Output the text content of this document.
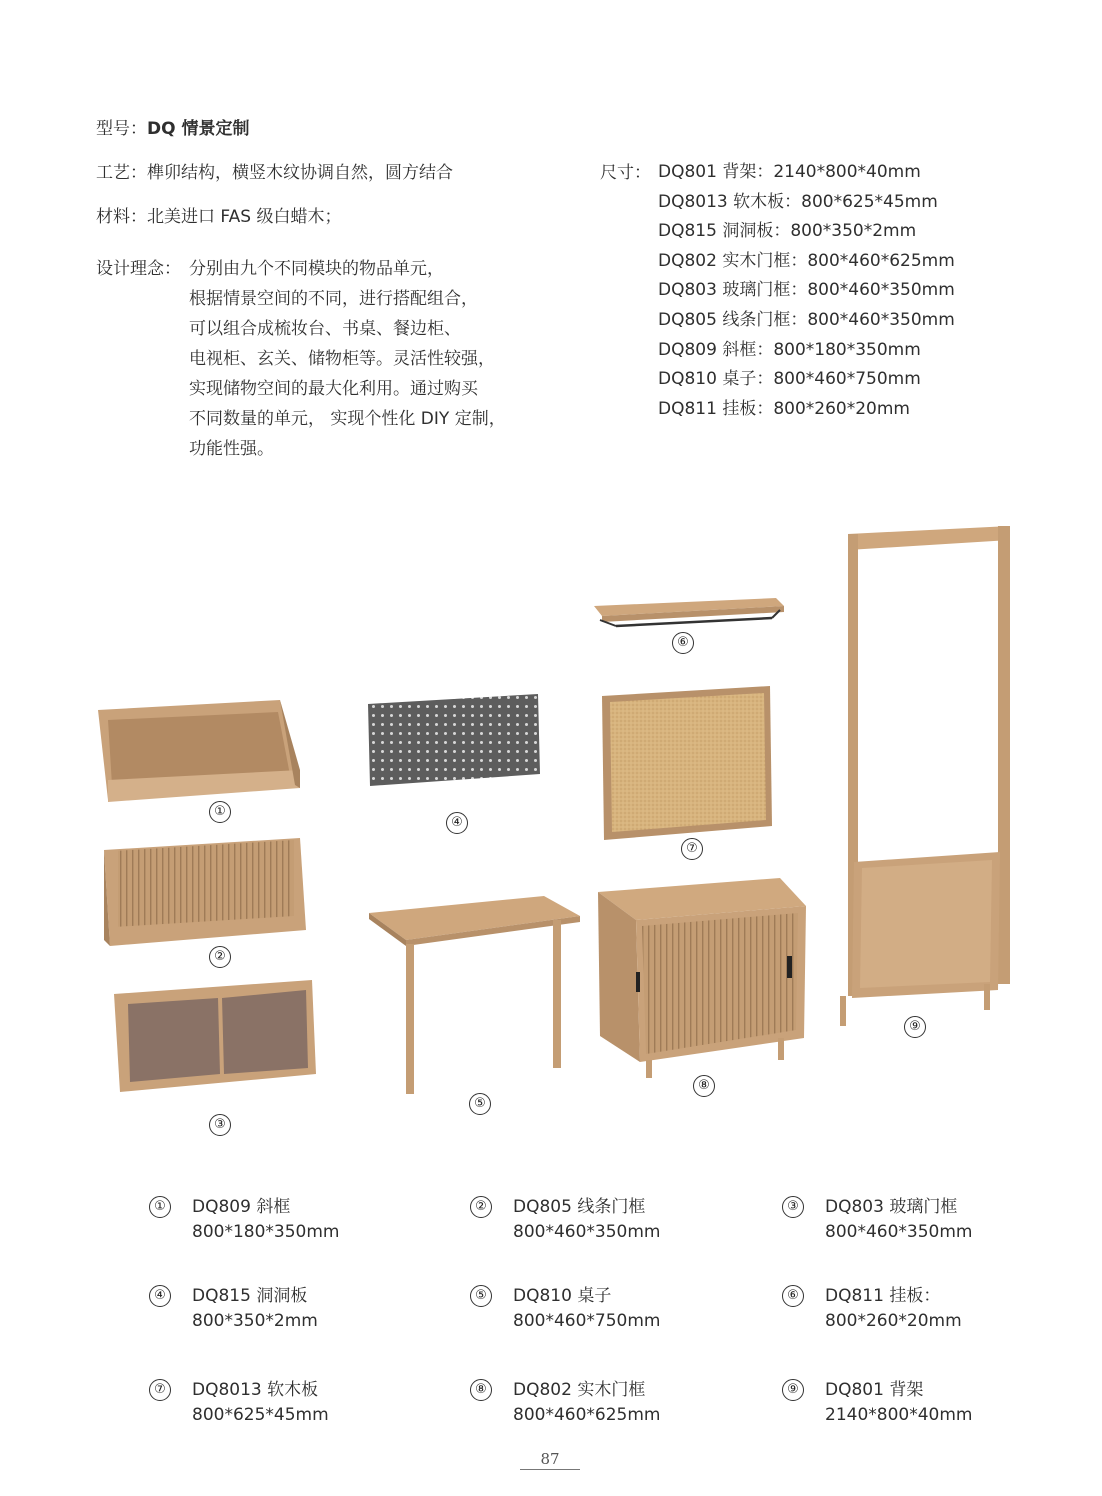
型号：DQ 情景定制
工艺：榫卯结构，横竖木纹协调自然，圆方结合
材料：北美进口 FAS 级白蜡木；
设计理念： 分别由九个不同模块的物品单元，
根据情景空间的不同，进行搭配组合，
可以组合成梳妆台、书桌、餐边柜、
电视柜、玄关、储物柜等。灵活性较强，
实现储物空间的最大化利用。通过购买
不同数量的单元， 实现个性化 DIY 定制，
功能性强。
尺寸： DQ801 背架：2140*800*40mm
DQ8013 软木板：800*625*45mm
DQ815 洞洞板：800*350*2mm
DQ802 实木门框：800*460*625mm
DQ803 玻璃门框：800*460*350mm
DQ805 线条门框：800*460*350mm
DQ809 斜框：800*180*350mm
DQ810 桌子：800*460*750mm
DQ811 挂板：800*260*20mm
①
②
③
④
⑤
⑥
⑦
⑧
⑨
①	DQ809 斜框
800*180*350mm
②	DQ805 线条门框
800*460*350mm
③	DQ803 玻璃门框
800*460*350mm
④	DQ815 洞洞板
800*350*2mm
⑤	DQ810 桌子
800*460*750mm
⑥	DQ811 挂板：
800*260*20mm
⑦	DQ8013 软木板
800*625*45mm
⑧	DQ802 实木门框
800*460*625mm
⑨	DQ801 背架
2140*800*40mm
87
